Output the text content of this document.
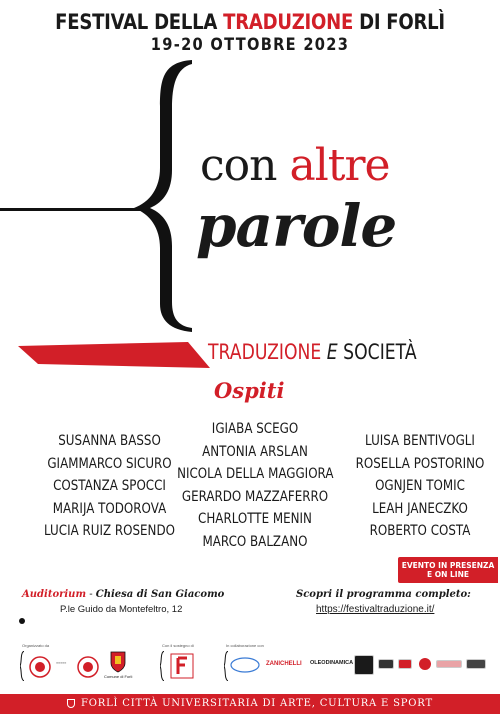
FESTIVAL DELLA TRADUZIONE DI FORLÌ
19-20 OTTOBRE 2023
con altre
parole
TRADUZIONE E SOCIETÀ
Ospiti
SUSANNA BASSO
GIAMMARCO SICURO
COSTANZA SPOCCI
MARIJA TODOROVA
LUCIA RUIZ ROSENDO
IGIABA SCEGO
ANTONIA ARSLAN
NICOLA DELLA MAGGIORA
GERARDO MAZZAFERRO
CHARLOTTE MENIN
MARCO BALZANO
LUISA BENTIVOGLI
ROSELLA POSTORINO
OGNJEN TOMIC
LEAH JANECZKO
ROBERTO COSTA
EVENTO IN PRESENZA
E ON LINE
Auditorium - Chiesa di San Giacomo
P.le Guido da Montefeltro, 12
Scopri il programma completo:
https://festivaltraduzione.it/
Organizzato da
≡≡≡≡≡
Comune di Forlì
Con il sostegno di	In collaborazione con
ZANICHELLI OLEODINAMICA
FORLÌ CITTÀ UNIVERSITARIA DI ARTE, CULTURA E SPORT
